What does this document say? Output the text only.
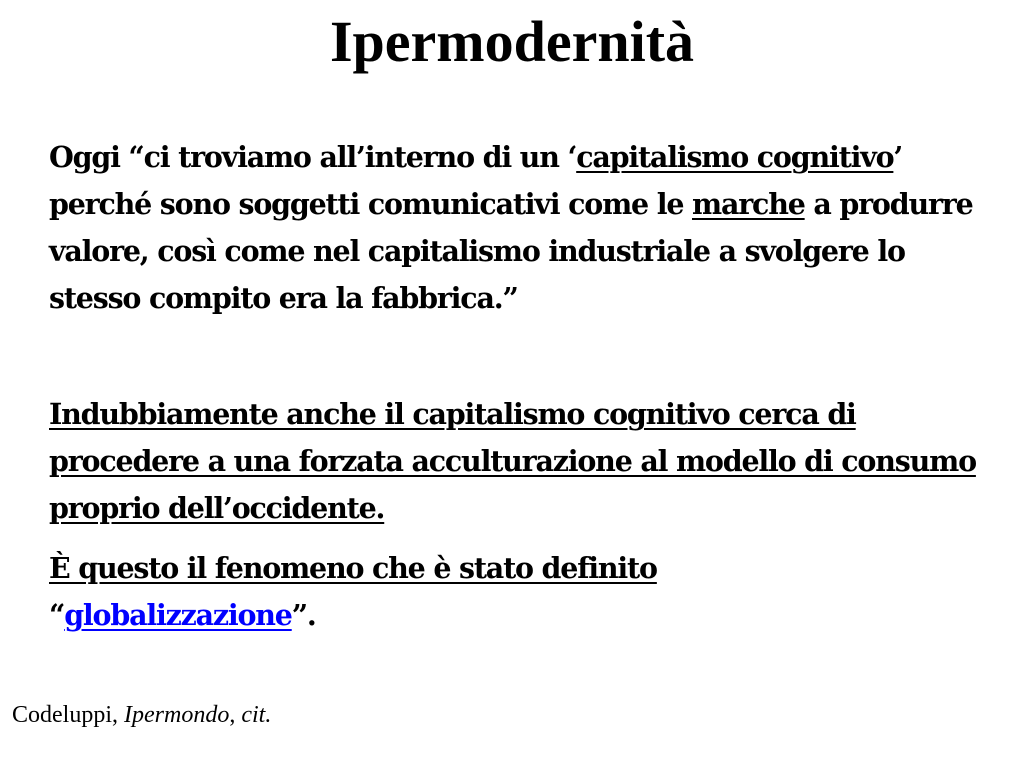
Ipermodernità

Oggi “ci troviamo all’interno di un ‘capitalismo cognitivo’ perché sono soggetti comunicativi come le marche a produrre valore, così come nel capitalismo industriale a svolgere lo stesso compito era la fabbrica.”

Indubbiamente anche il capitalismo cognitivo cerca di procedere a una forzata acculturazione al modello di consumo proprio dell’occidente.

È questo il fenomeno che è stato definito
“globalizzazione”.

Codeluppi, Ipermondo, cit.
